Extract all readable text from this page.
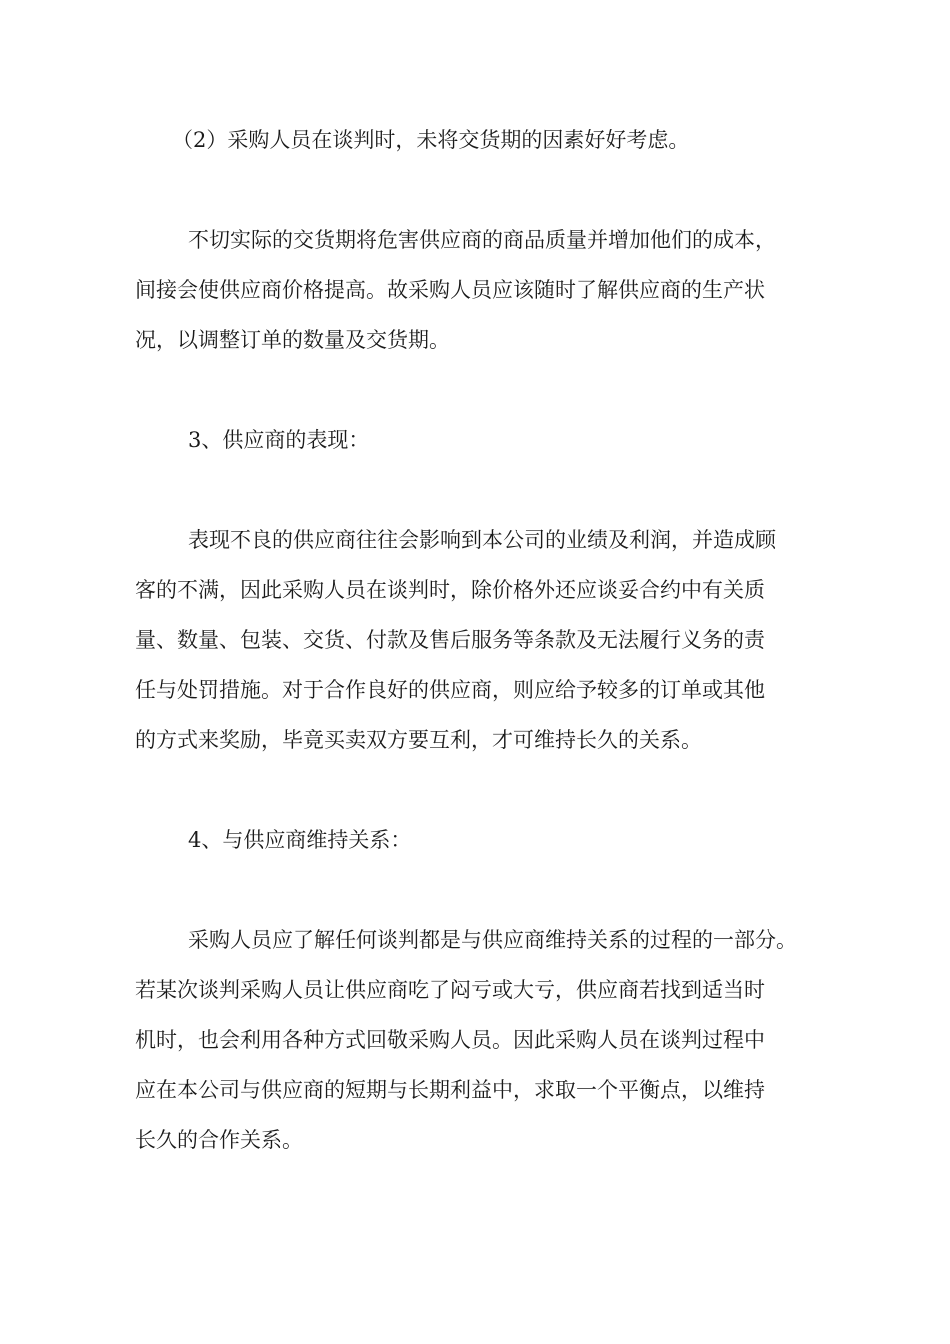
（2）采购人员在谈判时，未将交货期的因素好好考虑。
不切实际的交货期将危害供应商的商品质量并增加他们的成本，
间接会使供应商价格提高。故采购人员应该随时了解供应商的生产状
况，以调整订单的数量及交货期。
3、供应商的表现：
表现不良的供应商往往会影响到本公司的业绩及利润，并造成顾
客的不满，因此采购人员在谈判时，除价格外还应谈妥合约中有关质
量、数量、包装、交货、付款及售后服务等条款及无法履行义务的责
任与处罚措施。对于合作良好的供应商，则应给予较多的订单或其他
的方式来奖励，毕竟买卖双方要互利，才可维持长久的关系。
4、与供应商维持关系：
采购人员应了解任何谈判都是与供应商维持关系的过程的一部分。
若某次谈判采购人员让供应商吃了闷亏或大亏，供应商若找到适当时
机时，也会利用各种方式回敬采购人员。因此采购人员在谈判过程中
应在本公司与供应商的短期与长期利益中，求取一个平衡点，以维持
长久的合作关系。
